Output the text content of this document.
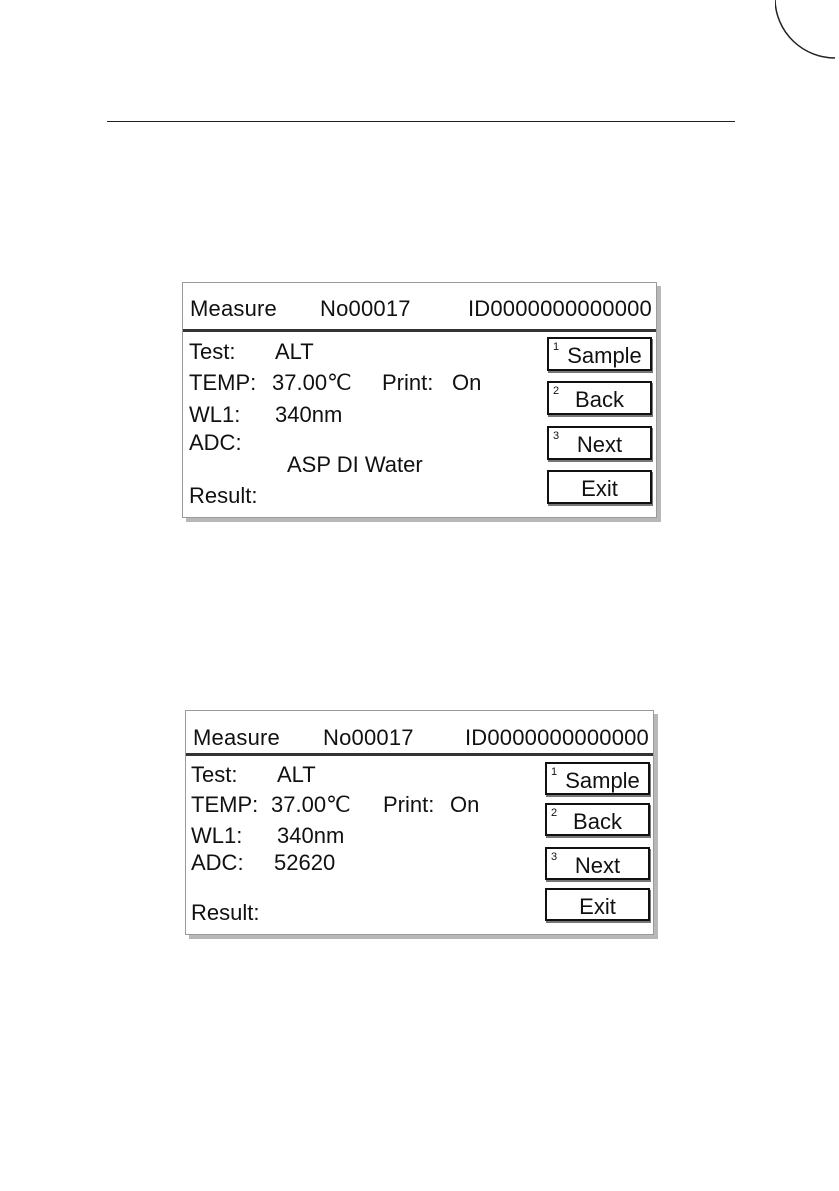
Measure No00017	ID0000000000000
Test: ALT
TEMP: 37.00℃ Print: On
WL1: 340nm
ADC:
ASP DI Water
Result:
1 Sample
2 Back
3 Next
Exit
Measure No00017 ID0000000000000
Test: ALT
TEMP: 37.00℃ Print: On
WL1: 340nm
ADC: 52620
Result:
1 Sample
2 Back
3 Next
Exit
